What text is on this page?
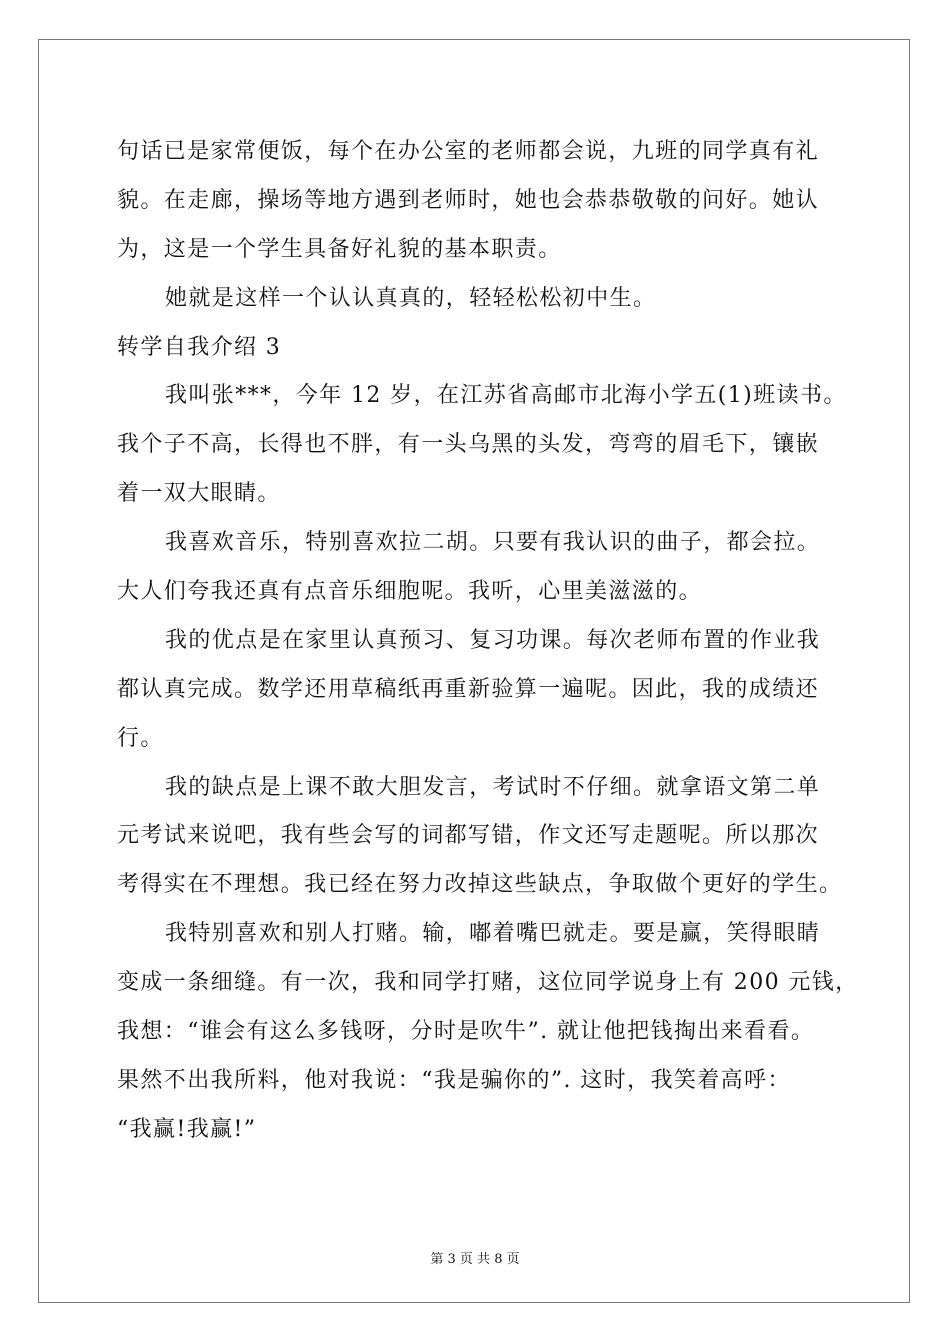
句话已是家常便饭，每个在办公室的老师都会说，九班的同学真有礼
貌。在走廊，操场等地方遇到老师时，她也会恭恭敬敬的问好。她认
为，这是一个学生具备好礼貌的基本职责。
她就是这样一个认认真真的，轻轻松松初中生。
转学自我介绍 3
我叫张***，今年 12 岁，在江苏省高邮市北海小学五(1)班读书。
我个子不高，长得也不胖，有一头乌黑的头发，弯弯的眉毛下，镶嵌
着一双大眼睛。
我喜欢音乐，特别喜欢拉二胡。只要有我认识的曲子，都会拉。
大人们夸我还真有点音乐细胞呢。我听，心里美滋滋的。
我的优点是在家里认真预习、复习功课。每次老师布置的作业我
都认真完成。数学还用草稿纸再重新验算一遍呢。因此，我的成绩还
行。
我的缺点是上课不敢大胆发言，考试时不仔细。就拿语文第二单
元考试来说吧，我有些会写的词都写错，作文还写走题呢。所以那次
考得实在不理想。我已经在努力改掉这些缺点，争取做个更好的学生。
我特别喜欢和别人打赌。输，嘟着嘴巴就走。要是赢，笑得眼睛
变成一条细缝。有一次，我和同学打赌，这位同学说身上有 200 元钱，
我想：“谁会有这么多钱呀，分时是吹牛”. 就让他把钱掏出来看看。
果然不出我所料，他对我说：“我是骗你的”. 这时，我笑着高呼：
“我赢!我赢!”
第 3 页 共 8 页
